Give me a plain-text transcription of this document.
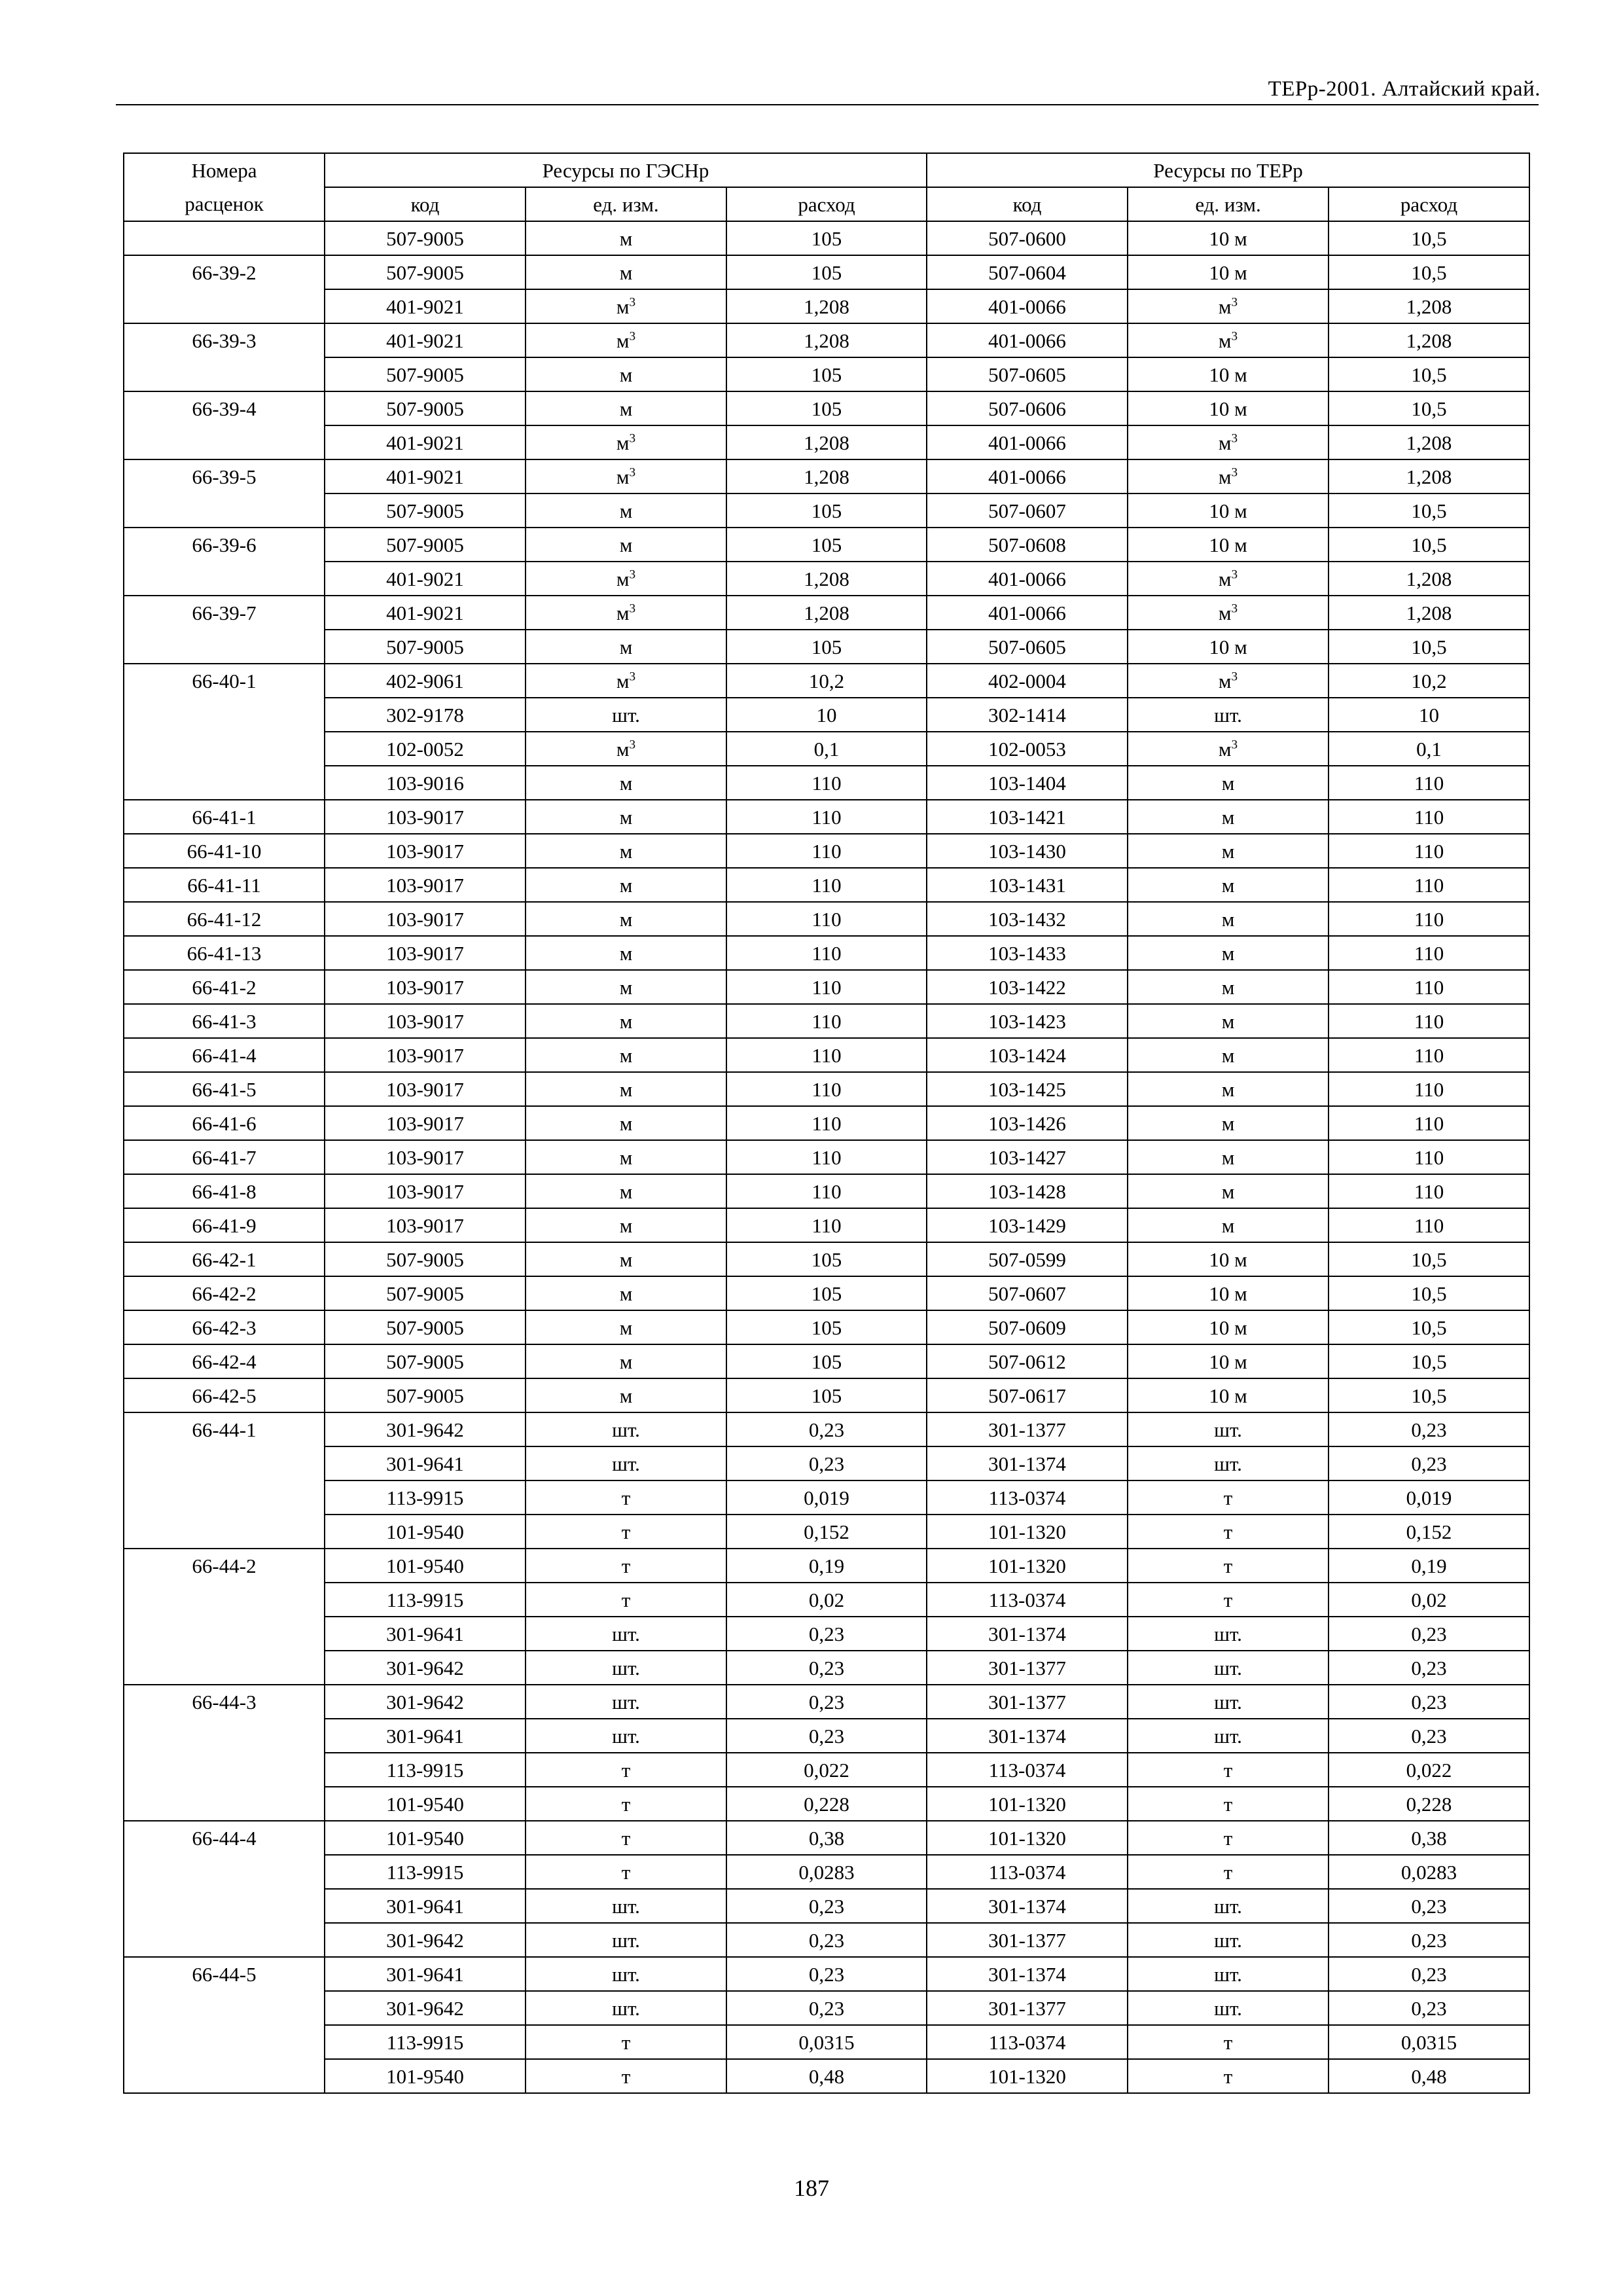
ТЕРр-2001. Алтайский край.
Номера
расценок	Ресурсы по ГЭСНр			Ресурсы по ТЕРр		
	код	ед. изм.	расход	код	ед. изм.	расход
	507-9005	м	105	507-0600	10 м	10,5
66-39-2	507-9005	м	105	507-0604	10 м	10,5
	401-9021	$м^3$	1,208	401-0066	$м^3$	1,208
66-39-3	401-9021	$м^3$	1,208	401-0066	$м^3$	1,208
	507-9005	м	105	507-0605	10 м	10,5
66-39-4	507-9005	м	105	507-0606	10 м	10,5
	401-9021	$м^3$	1,208	401-0066	$м^3$	1,208
66-39-5	401-9021	$м^3$	1,208	401-0066	$м^3$	1,208
	507-9005	м	105	507-0607	10 м	10,5
66-39-6	507-9005	м	105	507-0608	10 м	10,5
	401-9021	$м^3$	1,208	401-0066	$м^3$	1,208
66-39-7	401-9021	$м^3$	1,208	401-0066	$м^3$	1,208
	507-9005	м	105	507-0605	10 м	10,5
66-40-1	402-9061	$м^3$	10,2	402-0004	$м^3$	10,2
	302-9178	шт.	10	302-1414	шт.	10
	102-0052	$м^3$	0,1	102-0053	$м^3$	0,1
	103-9016	м	110	103-1404	м	110
66-41-1	103-9017	м	110	103-1421	м	110
66-41-10	103-9017	м	110	103-1430	м	110
66-41-11	103-9017	м	110	103-1431	м	110
66-41-12	103-9017	м	110	103-1432	м	110
66-41-13	103-9017	м	110	103-1433	м	110
66-41-2	103-9017	м	110	103-1422	м	110
66-41-3	103-9017	м	110	103-1423	м	110
66-41-4	103-9017	м	110	103-1424	м	110
66-41-5	103-9017	м	110	103-1425	м	110
66-41-6	103-9017	м	110	103-1426	м	110
66-41-7	103-9017	м	110	103-1427	м	110
66-41-8	103-9017	м	110	103-1428	м	110
66-41-9	103-9017	м	110	103-1429	м	110
66-42-1	507-9005	м	105	507-0599	10 м	10,5
66-42-2	507-9005	м	105	507-0607	10 м	10,5
66-42-3	507-9005	м	105	507-0609	10 м	10,5
66-42-4	507-9005	м	105	507-0612	10 м	10,5
66-42-5	507-9005	м	105	507-0617	10 м	10,5
66-44-1	301-9642	шт.	0,23	301-1377	шт.	0,23
	301-9641	шт.	0,23	301-1374	шт.	0,23
	113-9915	т	0,019	113-0374	т	0,019
	101-9540	т	0,152	101-1320	т	0,152
66-44-2	101-9540	т	0,19	101-1320	т	0,19
	113-9915	т	0,02	113-0374	т	0,02
	301-9641	шт.	0,23	301-1374	шт.	0,23
	301-9642	шт.	0,23	301-1377	шт.	0,23
66-44-3	301-9642	шт.	0,23	301-1377	шт.	0,23
	301-9641	шт.	0,23	301-1374	шт.	0,23
	113-9915	т	0,022	113-0374	т	0,022
	101-9540	т	0,228	101-1320	т	0,228
66-44-4	101-9540	т	0,38	101-1320	т	0,38
	113-9915	т	0,0283	113-0374	т	0,0283
	301-9641	шт.	0,23	301-1374	шт.	0,23
	301-9642	шт.	0,23	301-1377	шт.	0,23
66-44-5	301-9641	шт.	0,23	301-1374	шт.	0,23
	301-9642	шт.	0,23	301-1377	шт.	0,23
	113-9915	т	0,0315	113-0374	т	0,0315
	101-9540	т	0,48	101-1320	т	0,48
187
